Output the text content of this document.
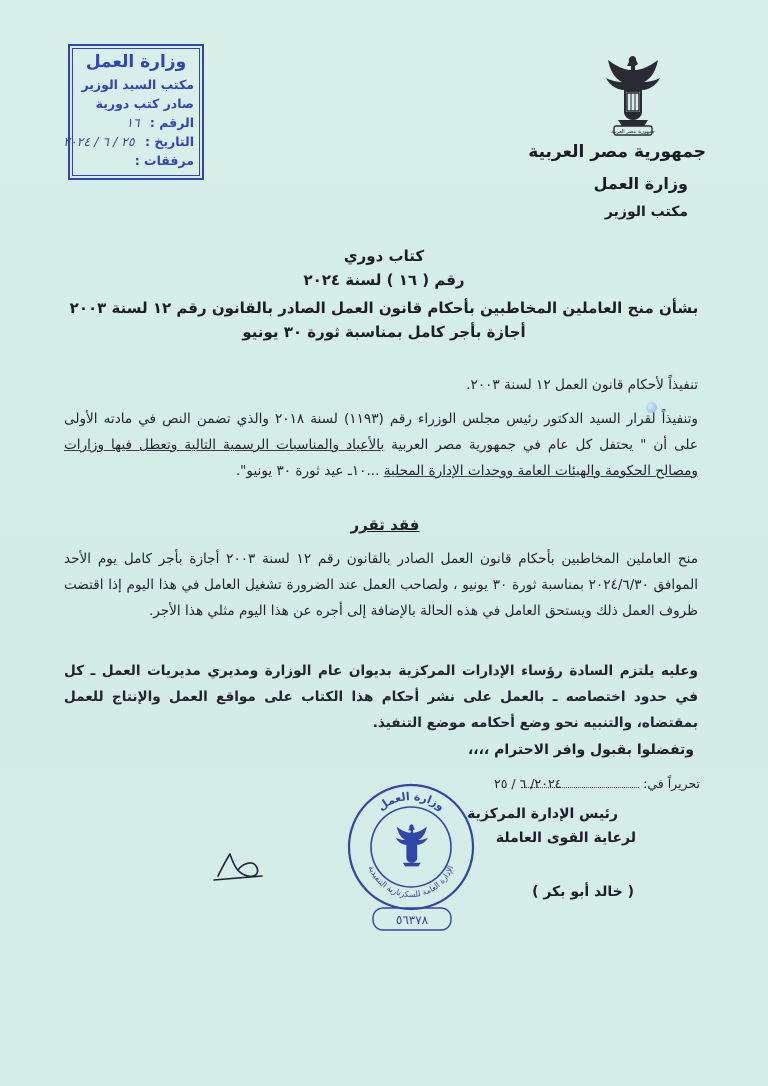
وزارة العمل
مكتب السيد الوزير
صادر كتب دورية
الرقم : ١٦
التاريخ : ٢٥ / ٦ / ٢٠٢٤
مرفقات :
جمهورية مصر العربية
جمهورية مصر العربية
وزارة العمل
مكتب الوزير
كتاب دوري
رقم ( ١٦ ) لسنة ٢٠٢٤
بشأن منح العاملين المخاطبين بأحكام قانون العمل الصادر بالقانون رقم ١٢ لسنة ٢٠٠٣
أجازة بأجر كامل بمناسبة ثورة ٣٠ يونيو
تنفيذاً لأحكام قانون العمل ١٢ لسنة ٢٠٠٣.
وتنفيذاً لقرار السيد الدكتور رئيس مجلس الوزراء رقم (١١٩٣) لسنة ٢٠١٨ والذي تضمن النص في مادته الأولى على أن " يحتفل كل عام في جمهورية مصر العربية بالأعياد والمناسبات الرسمية التالية وتعطل فيها وزارات ومصالح الحكومة والهيئات العامة ووحدات الإدارة المحلية ...١٠ـ عيد ثورة ٣٠ يونيو".
فقد تقرر
منح العاملين المخاطبين بأحكام قانون العمل الصادر بالقانون رقم ١٢ لسنة ٢٠٠٣ أجازة بأجر كامل يوم الأحد الموافق ٢٠٢٤/٦/٣٠ بمناسبة ثورة ٣٠ يونيو ، ولصاحب العمل عند الضرورة تشغيل العامل في هذا اليوم إذا اقتضت ظروف العمل ذلك ويستحق العامل في هذه الحالة بالإضافة إلى أجره عن هذا اليوم مثلي هذا الأجر.
وعليه يلتزم السادة رؤساء الإدارات المركزية بديوان عام الوزارة ومديري مديريات العمل ـ كل في حدود اختصاصه ـ بالعمل على نشر أحكام هذا الكتاب على مواقع العمل والإنتاج للعمل بمقتضاه، والتنبيه نحو وضع أحكامه موضع التنفيذ.
وتفضلوا بقبول وافر الاحترام ،،،،
تحريراً في:
٢٠٢٤/ ٦ / ٢٥
وزارة العمل
الإدارة العامة للسكرتارية التنفيذية
٥٦٣٧٨
رئيس الإدارة المركزية
لرعاية القوى العاملة
( خالد أبو بكر )
